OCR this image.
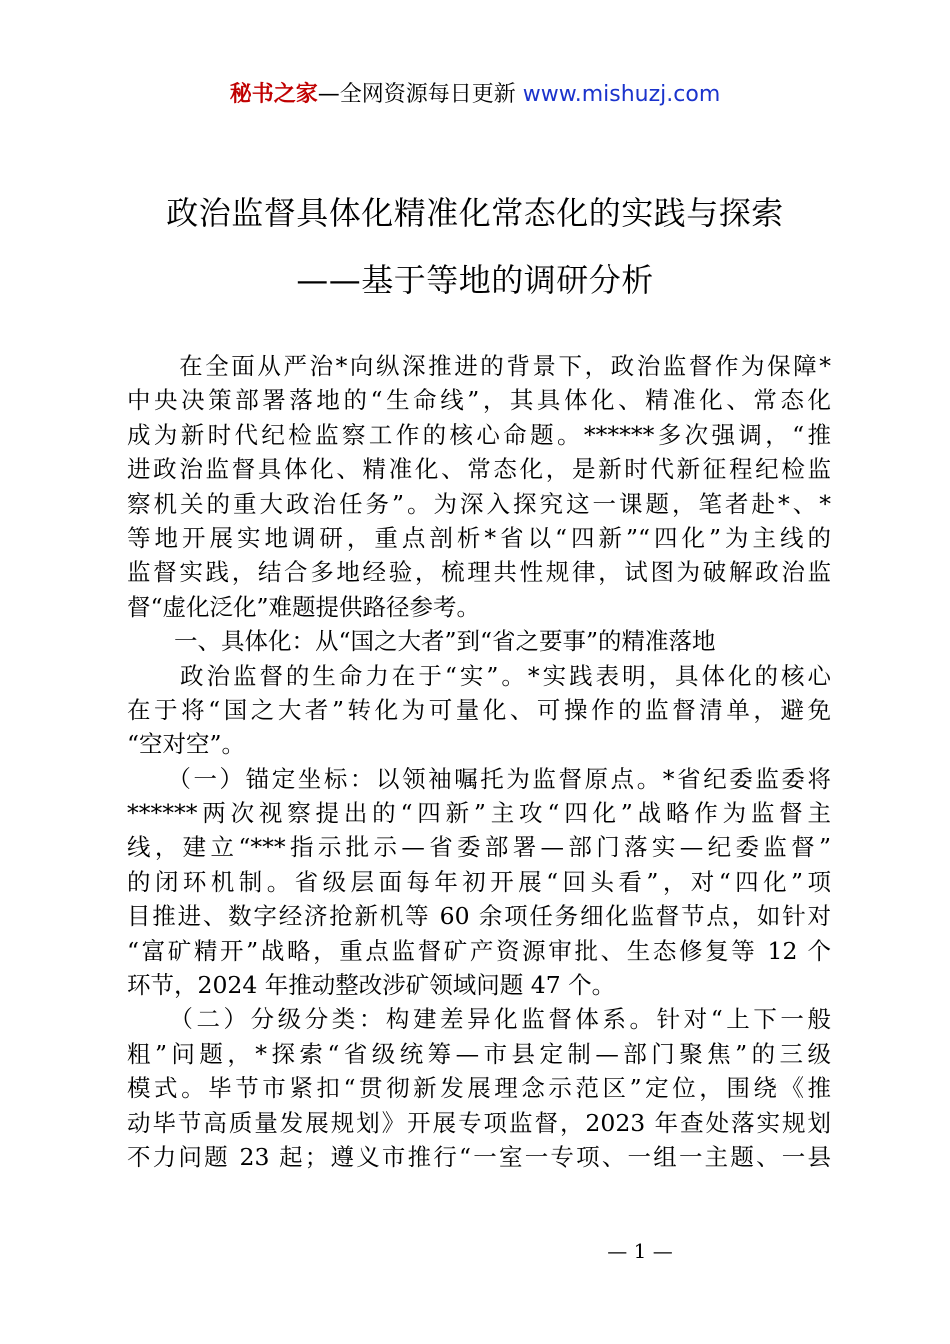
秘书之家—全网资源每日更新 www.mishuzj.com
政治监督具体化精准化常态化的实践与探索
——基于等地的调研分析
　　在全面从严治*向纵深推进的背景下，政治监督作为保障*
中央决策部署落地的“生命线”，其具体化、精准化、常态化
成为新时代纪检监察工作的核心命题。******多次强调，“推
进政治监督具体化、精准化、常态化，是新时代新征程纪检监
察机关的重大政治任务”。为深入探究这一课题，笔者赴*、*
等地开展实地调研，重点剖析*省以“四新”“四化”为主线的
监督实践，结合多地经验，梳理共性规律，试图为破解政治监
督“虚化泛化”难题提供路径参考。
　　一、具体化：从“国之大者”到“省之要事”的精准落地
　　政治监督的生命力在于“实”。*实践表明，具体化的核心
在于将“国之大者”转化为可量化、可操作的监督清单，避免
“空对空”。
　　（一）锚定坐标：以领袖嘱托为监督原点。*省纪委监委将
******两次视察提出的“四新”主攻“四化”战略作为监督主
线，建立“***指示批示—省委部署—部门落实—纪委监督”
的闭环机制。省级层面每年初开展“回头看”，对“四化”项
目推进、数字经济抢新机等 60 余项任务细化监督节点，如针对
“富矿精开”战略，重点监督矿产资源审批、生态修复等 12 个
环节，2024 年推动整改涉矿领域问题 47 个。
　　（二）分级分类：构建差异化监督体系。针对“上下一般
粗”问题，*探索“省级统筹—市县定制—部门聚焦”的三级
模式。毕节市紧扣“贯彻新发展理念示范区”定位，围绕《推
动毕节高质量发展规划》开展专项监督，2023 年查处落实规划
不力问题 23 起；遵义市推行“一室一专项、一组一主题、一县
— 1 —
